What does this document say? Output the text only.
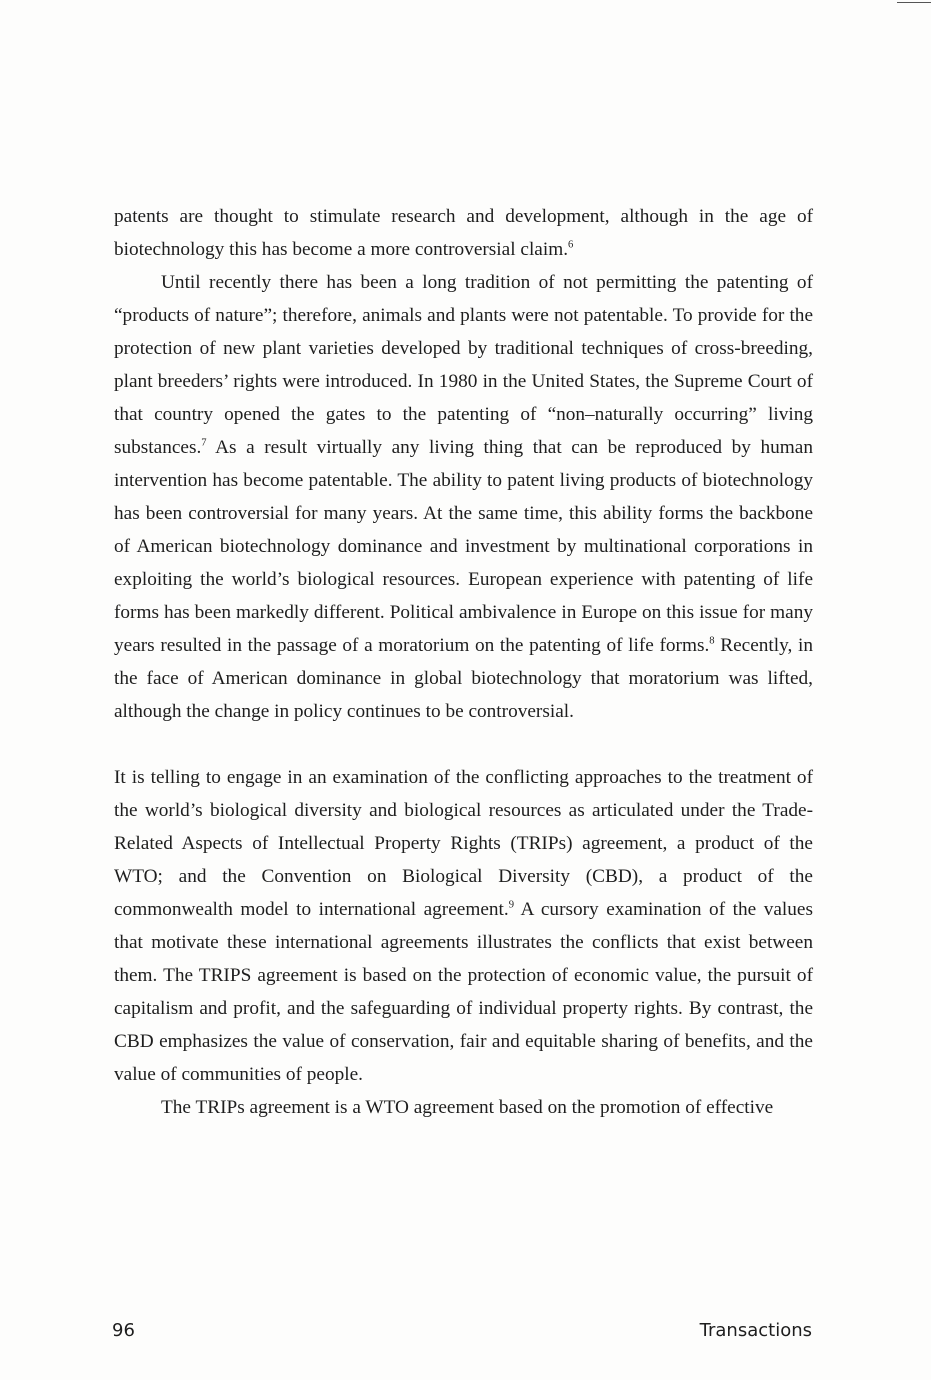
patents are thought to stimulate research and development, although in the age of biotechnology this has become a more controversial claim.$^6$

Until recently there has been a long tradition of not permitting the patenting of “products of nature”; therefore, animals and plants were not patentable. To provide for the protection of new plant varieties developed by traditional techniques of cross-breeding, plant breeders’ rights were introduced. In 1980 in the United States, the Supreme Court of that country opened the gates to the patenting of “non–naturally occurring” living substances.$^7$ As a result virtually any living thing that can be reproduced by human intervention has become patentable. The ability to patent living products of biotechnology has been controversial for many years. At the same time, this ability forms the backbone of American biotechnology dominance and investment by multinational corporations in exploiting the world’s biological resources. European experience with patenting of life forms has been markedly different. Political ambivalence in Europe on this issue for many years resulted in the passage of a moratorium on the patenting of life forms.$^8$ Recently, in the face of American dominance in global biotechnology that moratorium was lifted, although the change in policy continues to be controversial.

It is telling to engage in an examination of the conflicting approaches to the treatment of the world’s biological diversity and biological resources as articulated under the Trade-Related Aspects of Intellectual Property Rights (TRIPs) agreement, a product of the WTO; and the Convention on Biological Diversity (CBD), a product of the commonwealth model to international agreement.$^9$ A cursory examination of the values that motivate these international agreements illustrates the conflicts that exist between them. The TRIPS agreement is based on the protection of economic value, the pursuit of capitalism and profit, and the safeguarding of individual property rights. By contrast, the CBD emphasizes the value of conservation, fair and equitable sharing of benefits, and the value of communities of people.

The TRIPs agreement is a WTO agreement based on the promotion of effective

96	Transactions
